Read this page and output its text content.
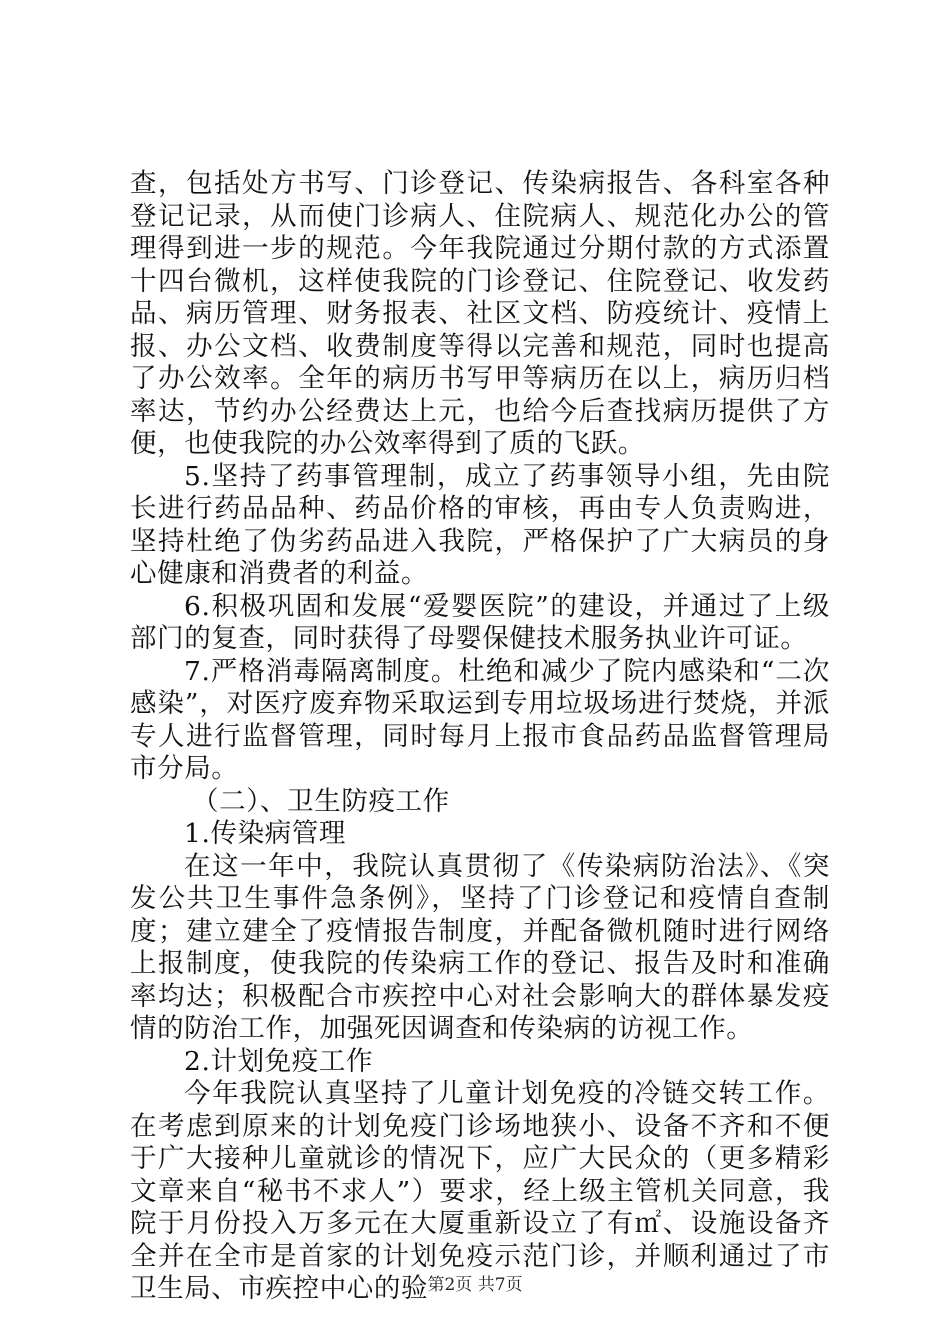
查，包括处方书写、门诊登记、传染病报告、各科室各种登记记录，从而使门诊病人、住院病人、规范化办公的管理得到进一步的规范。今年我院通过分期付款的方式添置十四台微机，这样使我院的门诊登记、住院登记、收发药品、病历管理、财务报表、社区文档、防疫统计、疫情上报、办公文档、收费制度等得以完善和规范，同时也提高了办公效率。全年的病历书写甲等病历在以上，病历归档率达，节约办公经费达上元，也给今后查找病历提供了方便，也使我院的办公效率得到了质的飞跃。

5.坚持了药事管理制，成立了药事领导小组，先由院长进行药品品种、药品价格的审核，再由专人负责购进，坚持杜绝了伪劣药品进入我院，严格保护了广大病员的身心健康和消费者的利益。

6.积极巩固和发展“爱婴医院”的建设，并通过了上级部门的复查，同时获得了母婴保健技术服务执业许可证。

7.严格消毒隔离制度。杜绝和减少了院内感染和“二次感染”，对医疗废弃物采取运到专用垃圾场进行焚烧，并派专人进行监督管理，同时每月上报市食品药品监督管理局市分局。

（二）、卫生防疫工作

1.传染病管理

在这一年中，我院认真贯彻了《传染病防治法》、《突发公共卫生事件急条例》，坚持了门诊登记和疫情自查制度；建立建全了疫情报告制度，并配备微机随时进行网络上报制度，使我院的传染病工作的登记、报告及时和准确率均达；积极配合市疾控中心对社会影响大的群体暴发疫情的防治工作，加强死因调查和传染病的访视工作。

2.计划免疫工作

今年我院认真坚持了儿童计划免疫的冷链交转工作。在考虑到原来的计划免疫门诊场地狭小、设备不齐和不便于广大接种儿童就诊的情况下，应广大民众的（更多精彩文章来自“秘书不求人”）要求，经上级主管机关同意，我院于月份投入万多元在大厦重新设立了有㎡、设施设备齐全并在全市是首家的计划免疫示范门诊，并顺利通过了市卫生局、市疾控中心的验 第2页 共7页
